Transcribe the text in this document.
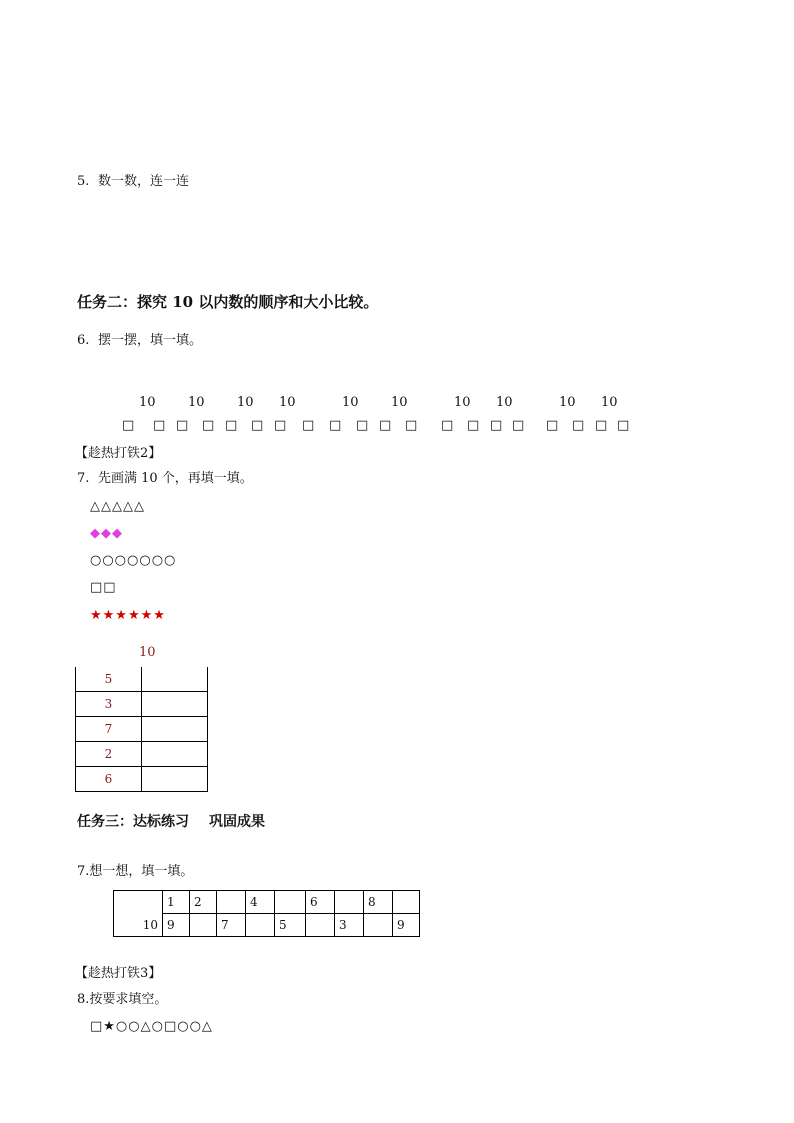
5. 数一数，连一连
任务二：探究 10 以内数的顺序和大小比较。
6. 摆一摆，填一填。
10 10 10 10	10 10	10 10	10 10
□ □ □ □ □ □ □ □ □ □ □ □ □ □ □ □ □ □ □ □
【趁热打铁2】
7. 先画满 10 个，再填一填。
△△△△△
◆◆◆
○○○○○○○
□□
★★★★★★
10
5	
3	
7	
2	
6	
任务三：达标练习 巩固成果
7.想一想，填一填。
	1	2		4		6		8	
10	9		7		5		3		9
【趁热打铁3】
8.按要求填空。
□★○○△○□○○△
